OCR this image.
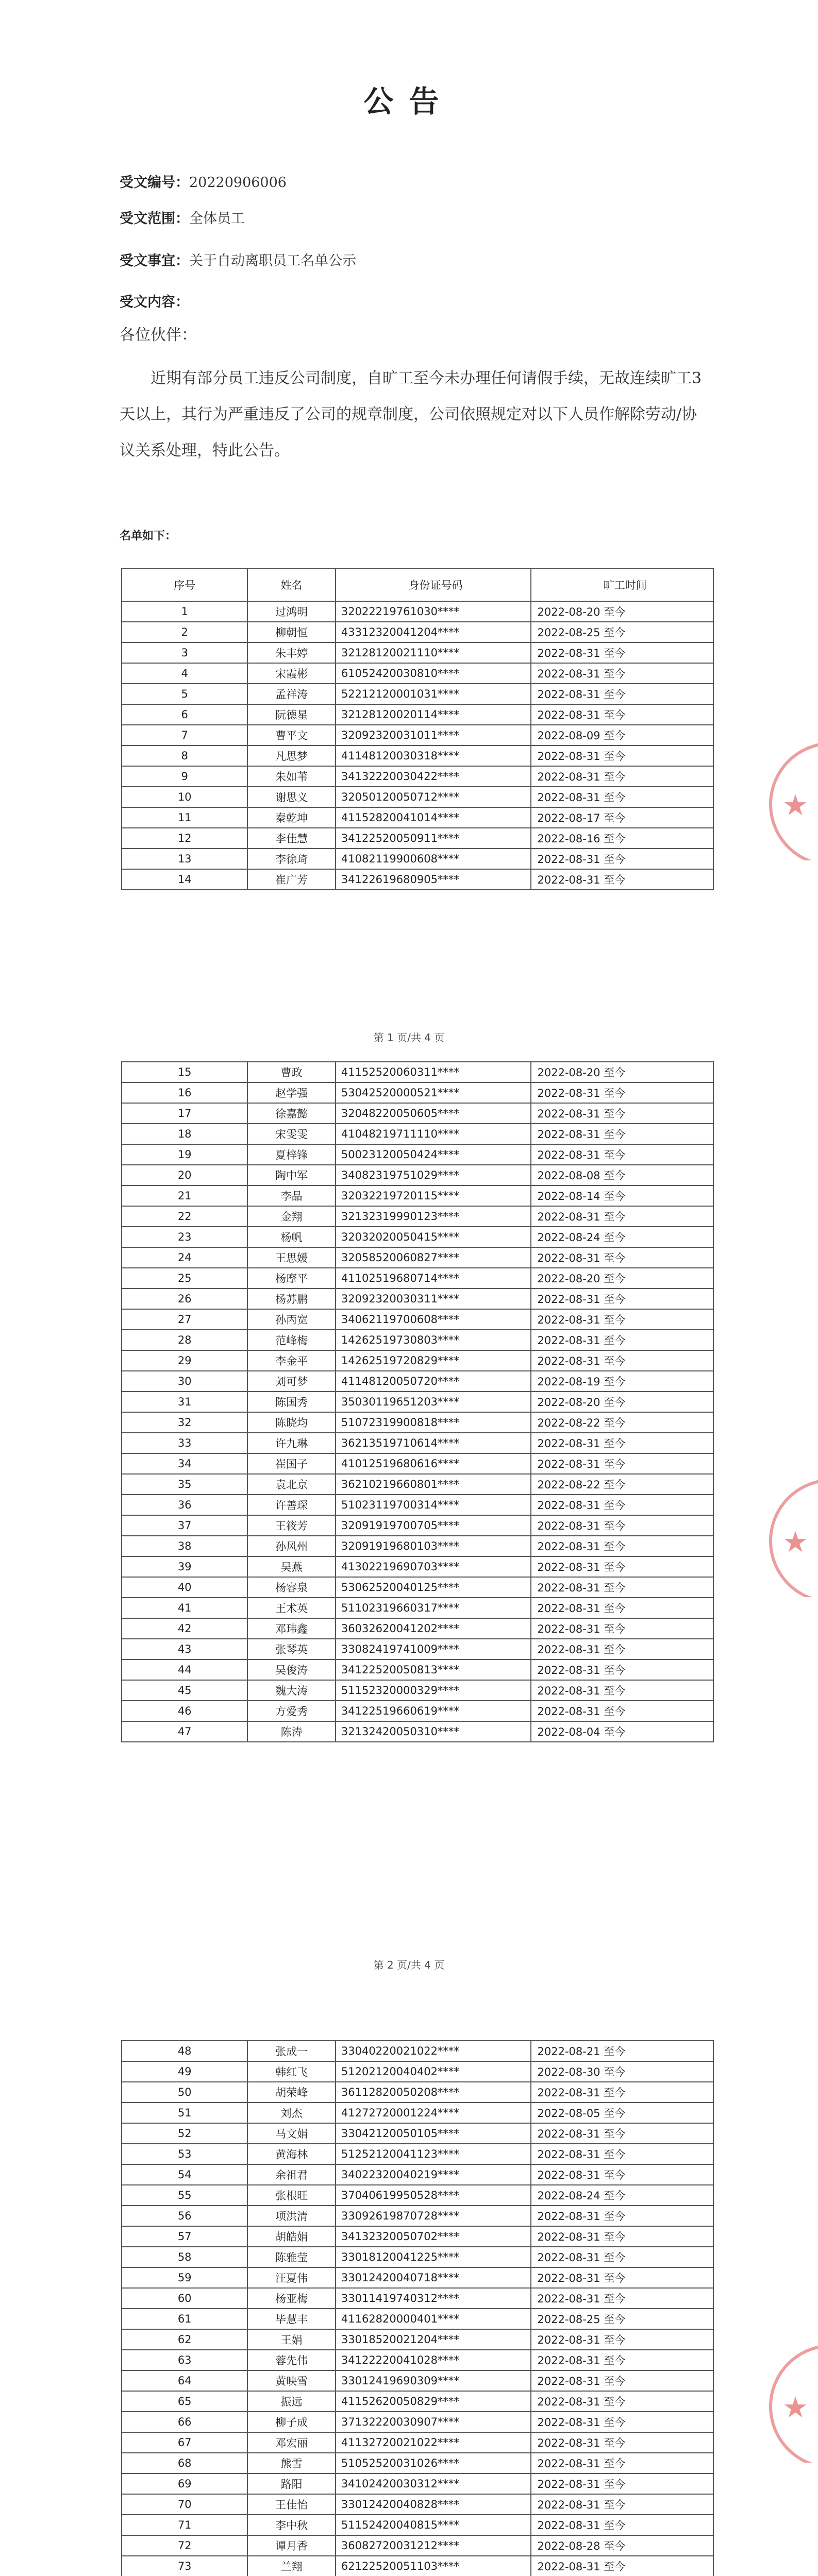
公告
受文编号：20220906006
受文范围：全体员工
受文事宜：关于自动离职员工名单公示
受文内容：
各位伙伴：
近期有部分员工违反公司制度，自旷工至今未办理任何请假手续，无故连续旷工3天以上，其行为严重违反了公司的规章制度，公司依照规定对以下人员作解除劳动/协议关系处理，特此公告。
名单如下：
★
★
★
序号	姓名	身份证号码	旷工时间
1	过鸿明	32022219761030****	2022-08-20 至今
2	柳朝恒	43312320041204****	2022-08-25 至今
3	朱丰婷	32128120021110****	2022-08-31 至今
4	宋霞彬	61052420030810****	2022-08-31 至今
5	孟祥涛	52212120001031****	2022-08-31 至今
6	阮德星	32128120020114****	2022-08-31 至今
7	曹平文	32092320031011****	2022-08-09 至今
8	凡思梦	41148120030318****	2022-08-31 至今
9	朱如苇	34132220030422****	2022-08-31 至今
10	谢思义	32050120050712****	2022-08-31 至今
11	秦乾坤	41152820041014****	2022-08-17 至今
12	李佳慧	34122520050911****	2022-08-16 至今
13	李徐琦	41082119900608****	2022-08-31 至今
14	崔广芳	34122619680905****	2022-08-31 至今
15	曹政	41152520060311****	2022-08-20 至今
16	赵学强	53042520000521****	2022-08-31 至今
17	徐嘉懿	32048220050605****	2022-08-31 至今
18	宋雯雯	41048219711110****	2022-08-31 至今
19	夏梓锋	50023120050424****	2022-08-31 至今
20	陶中军	34082319751029****	2022-08-08 至今
21	李晶	32032219720115****	2022-08-14 至今
22	金翔	32132319990123****	2022-08-31 至今
23	杨帆	32032020050415****	2022-08-24 至今
24	王思媛	32058520060827****	2022-08-31 至今
25	杨摩平	41102519680714****	2022-08-20 至今
26	杨苏鹏	32092320030311****	2022-08-31 至今
27	孙丙宽	34062119700608****	2022-08-31 至今
28	范峰梅	14262519730803****	2022-08-31 至今
29	李金平	14262519720829****	2022-08-31 至今
30	刘可梦	41148120050720****	2022-08-19 至今
31	陈国秀	35030119651203****	2022-08-20 至今
32	陈晓均	51072319900818****	2022-08-22 至今
33	许九琳	36213519710614****	2022-08-31 至今
34	崔国子	41012519680616****	2022-08-31 至今
35	袁北京	36210219660801****	2022-08-22 至今
36	许善琛	51023119700314****	2022-08-31 至今
37	王筱芳	32091919700705****	2022-08-31 至今
38	孙风州	32091919680103****	2022-08-31 至今
39	吴燕	41302219690703****	2022-08-31 至今
40	杨容泉	53062520040125****	2022-08-31 至今
41	王术英	51102319660317****	2022-08-31 至今
42	邓玮鑫	36032620041202****	2022-08-31 至今
43	张琴英	33082419741009****	2022-08-31 至今
44	吴俊涛	34122520050813****	2022-08-31 至今
45	魏大涛	51152320000329****	2022-08-31 至今
46	方爱秀	34122519660619****	2022-08-31 至今
47	陈涛	32132420050310****	2022-08-04 至今
48	张成一	33040220021022****	2022-08-21 至今
49	韩红飞	51202120040402****	2022-08-30 至今
50	胡荣峰	36112820050208****	2022-08-31 至今
51	刘杰	41272720001224****	2022-08-05 至今
52	马文娟	33042120050105****	2022-08-31 至今
53	黄海林	51252120041123****	2022-08-31 至今
54	余祖君	34022320040219****	2022-08-31 至今
55	张根旺	37040619950528****	2022-08-24 至今
56	项洪清	33092619870728****	2022-08-31 至今
57	胡皓娟	34132320050702****	2022-08-31 至今
58	陈雅莹	33018120041225****	2022-08-31 至今
59	汪夏伟	33012420040718****	2022-08-31 至今
60	杨亚梅	33011419740312****	2022-08-31 至今
61	毕慧丰	41162820000401****	2022-08-25 至今
62	王娟	33018520021204****	2022-08-31 至今
63	蓉先伟	34122220041028****	2022-08-31 至今
64	黄映雪	33012419690309****	2022-08-31 至今
65	振远	41152620050829****	2022-08-31 至今
66	柳子成	37132220030907****	2022-08-31 至今
67	邓宏丽	41132720021022****	2022-08-31 至今
68	熊雪	51052520031026****	2022-08-31 至今
69	路阳	34102420030312****	2022-08-31 至今
70	王佳怡	33012420040828****	2022-08-31 至今
71	李中秋	51152420040815****	2022-08-31 至今
72	谭月香	36082720031212****	2022-08-28 至今
73	兰翔	62122520051103****	2022-08-31 至今

第 1 页/共 4 页
第 2 页/共 4 页
